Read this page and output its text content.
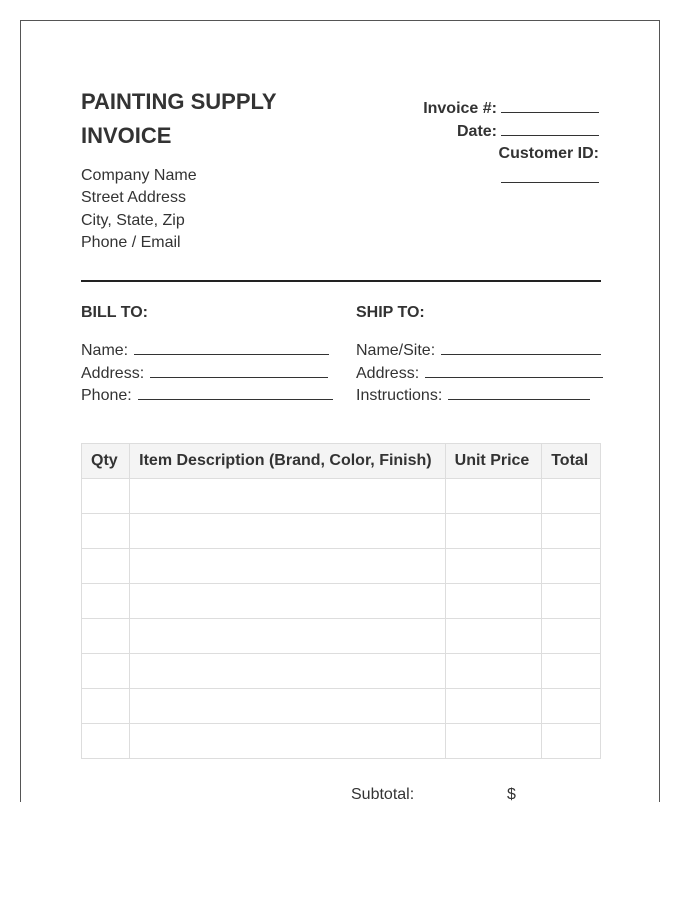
PAINTING SUPPLY
INVOICE
Company Name
Street Address
City, State, Zip
Phone / Email
Invoice #:
Date:
Customer ID:
BILL TO:	SHIP TO:
Name:
Address:
Phone:
Name/Site:
Address:
Instructions:
Qty	Item Description (Brand, Color, Finish)	Unit Price	Total

Subtotal:	$
